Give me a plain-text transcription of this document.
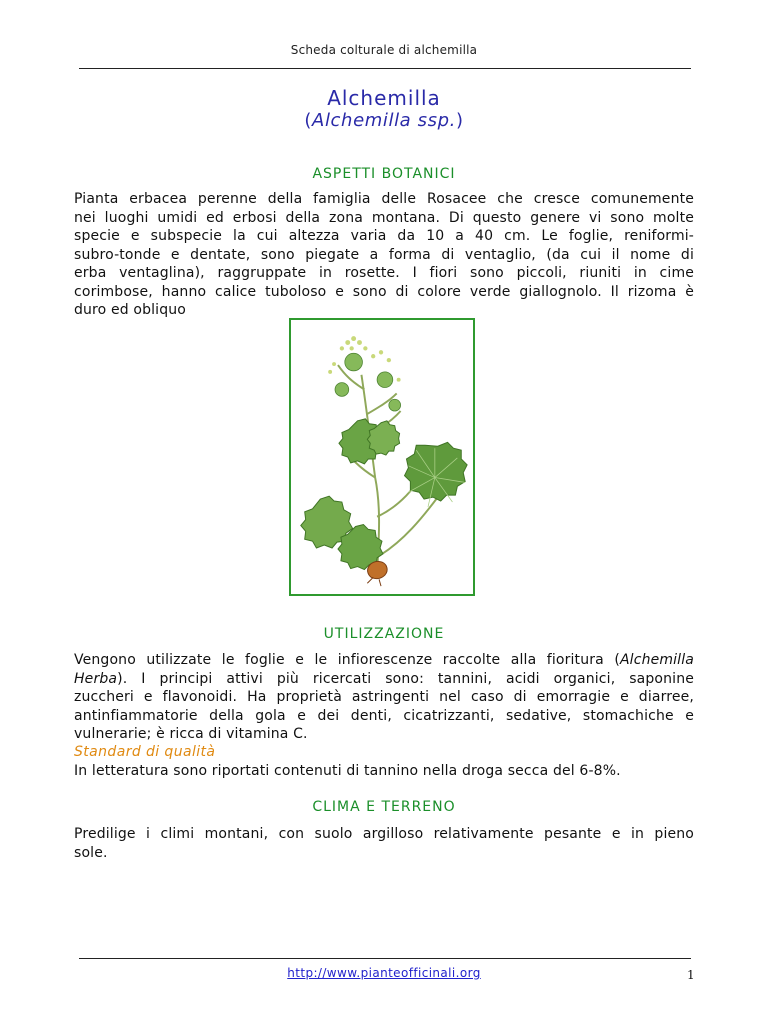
Scheda colturale di alchemilla
Alchemilla
(Alchemilla ssp.)
ASPETTI BOTANICI
Pianta erbacea perenne della famiglia delle Rosacee che cresce comunemente
nei luoghi umidi ed erbosi della zona montana. Di questo genere vi sono molte
specie e subspecie la cui altezza varia da 10 a 40 cm. Le foglie, reniformi-
subro-tonde e dentate, sono piegate a forma di ventaglio, (da cui il nome di
erba ventaglina), raggruppate in rosette. I fiori sono piccoli, riuniti in cime
corimbose, hanno calice tuboloso e sono di colore verde giallognolo. Il rizoma è
duro ed obliquo
UTILIZZAZIONE
Vengono utilizzate le foglie e le infiorescenze raccolte alla fioritura (Alchemilla
Herba). I principi attivi più ricercati sono: tannini, acidi organici, saponine
zuccheri e flavonoidi. Ha proprietà astringenti nel caso di emorragie e diarree,
antinfiammatorie della gola e dei denti, cicatrizzanti, sedative, stomachiche e
vulnerarie; è ricca di vitamina C.
Standard di qualità
In letteratura sono riportati contenuti di tannino nella droga secca del 6-8%.
CLIMA E TERRENO
Predilige i climi montani, con suolo argilloso relativamente pesante e in pieno
sole.
http://www.pianteofficinali.org	1
